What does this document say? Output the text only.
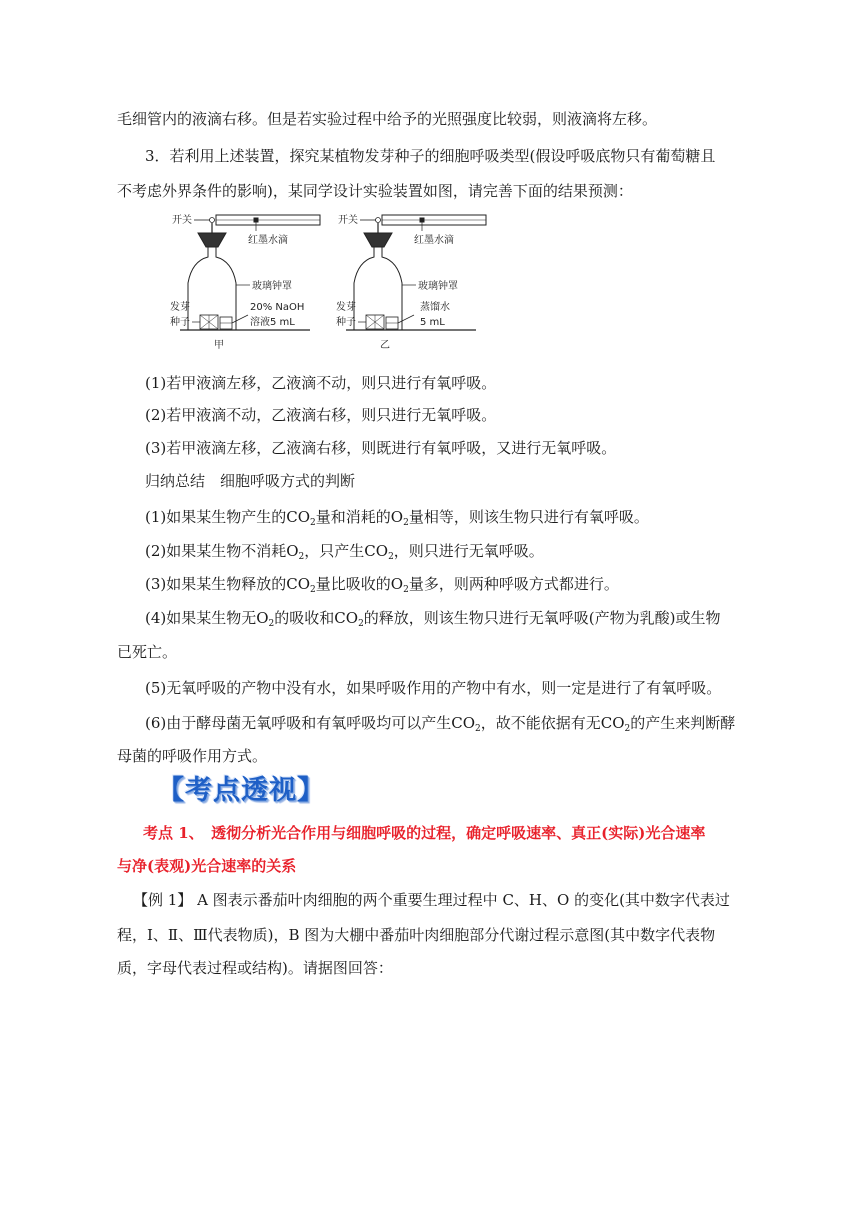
毛细管内的液滴右移。但是若实验过程中给予的光照强度比较弱，则液滴将左移。
3．若利用上述装置，探究某植物发芽种子的细胞呼吸类型(假设呼吸底物只有葡萄糖且
不考虑外界条件的影响)，某同学设计实验装置如图，请完善下面的结果预测：
开关
红墨水滴
玻璃钟罩
发芽
种子
20% NaOH
溶液5 mL
甲
开关
红墨水滴
玻璃钟罩
发芽
种子
蒸馏水
5 mL
乙
(1)若甲液滴左移，乙液滴不动，则只进行有氧呼吸。
(2)若甲液滴不动，乙液滴右移，则只进行无氧呼吸。
(3)若甲液滴左移，乙液滴右移，则既进行有氧呼吸，又进行无氧呼吸。
归纳总结　细胞呼吸方式的判断
(1)如果某生物产生的$CO_2$量和消耗的$O_2$量相等，则该生物只进行有氧呼吸。
(2)如果某生物不消耗$O_2$，只产生$CO_2$，则只进行无氧呼吸。
(3)如果某生物释放的$CO_2$量比吸收的$O_2$量多，则两种呼吸方式都进行。
(4)如果某生物无$O_2$的吸收和$CO_2$的释放，则该生物只进行无氧呼吸(产物为乳酸)或生物
已死亡。
(5)无氧呼吸的产物中没有水，如果呼吸作用的产物中有水，则一定是进行了有氧呼吸。
(6)由于酵母菌无氧呼吸和有氧呼吸均可以产生$CO_2$，故不能依据有无$CO_2$的产生来判断酵
母菌的呼吸作用方式。
【考点透视】
考点 1、　透彻分析光合作用与细胞呼吸的过程，确定呼吸速率、真正(实际)光合速率
与净(表观)光合速率的关系
【例 1】 A 图表示番茄叶肉细胞的两个重要生理过程中 C、H、O 的变化(其中数字代表过
程，Ⅰ、Ⅱ、Ⅲ代表物质)，B 图为大棚中番茄叶肉细胞部分代谢过程示意图(其中数字代表物
质，字母代表过程或结构)。请据图回答：
